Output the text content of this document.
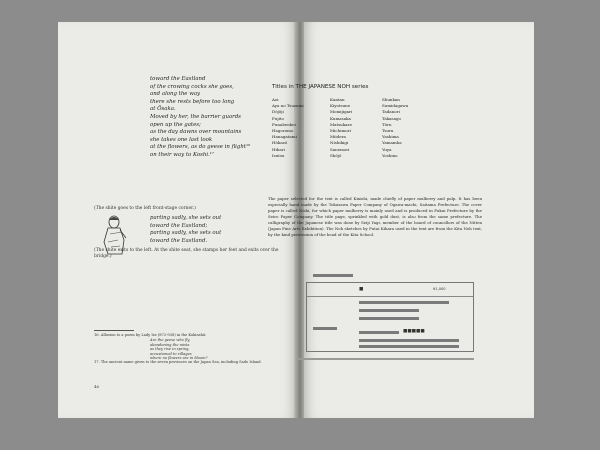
toward the Eastland
of the crowing cocks she goes,
and along the way
there she rests before too long
at Ōsaka.
Moved by her, the barrier guards
open up the gates;
as the day dawns over mountains
she takes one last look
at the flowers, as do geese in flight¹⁶
on their way to Koshi.¹⁷
(The shite goes to the left front-stage corner.)
parting sadly, she sets out
toward the Eastland;
parting sadly, she sets out
toward the Eastland.
(The shite exits to the left. At the shite seat, she stamps her feet and exits over the bridge.)
16. Allusion to a poem by Lady Ise (872-938) in the Kokinshū:
Are the geese who fly,
abandoning the mists
as they rise in spring,
accustomed to villages
where no flowers are in bloom?
17. The ancient name given to the seven provinces on the Japan Sea, including Sado Island.
46
Titles in THE JAPANESE NOH series
Aoi
Aya no Tsuzumi
Dōjōji
Fujito
Funabenkei
Hagoromo
Hanagatami
Hōkazō
Hibari
Izutsu
Kantan
Kiyotsune
Momijigari
Kumasaka
Matsukaze
Michimori
Miidera
Nishikigi
Sanemori
Shōjō
Shunkan
Sumidagawa
Tadanori
Takasago
Tōru
Tsuru
Yashima
Yamamba
Yuya
Yoshino
The paper selected for the text is called Kinishi, made chiefly of paper mulberry and pulp. It has been especially hand made by the Tokusawa Paper Company of Ogawa-machi, Saitama Prefecture. The cover paper is called Nishi, for which paper mulberry is mainly used and is produced in Fukui Prefecture by the Seiro Paper Company. The title page, sprinkled with gold dust, is also from the same prefecture. The calligraphy of the Japanese title was done by Seiji Yagi, member of the board of councillors of the Nitten (Japan Fine Arts Exhibition). The Noh sketches by Futai Kihara used in the text are from the Kita Noh text, by the kind permission of the head of the Kita School.
■	¥1,000
■■■■■
